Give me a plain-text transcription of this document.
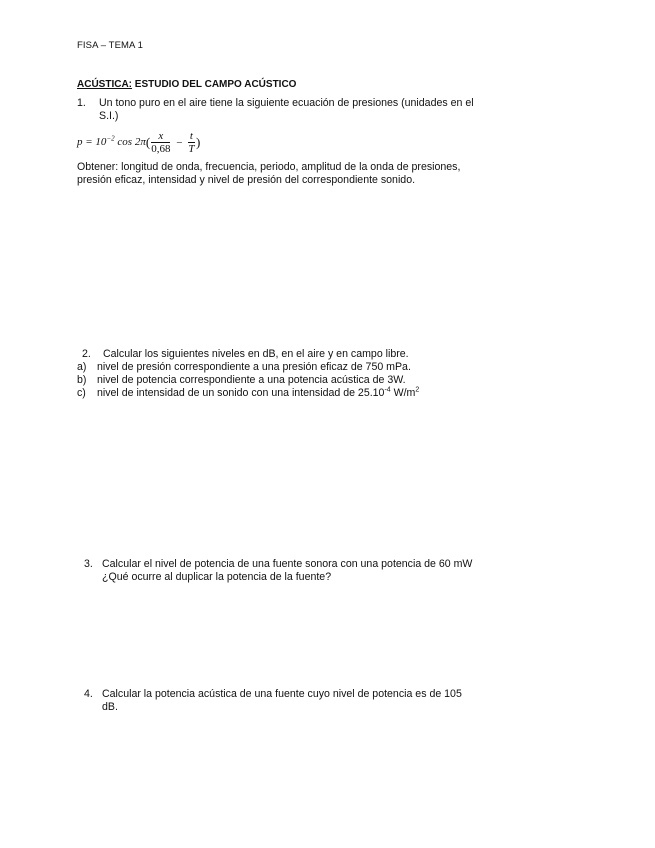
FISA – TEMA 1
ACÚSTICA: ESTUDIO DEL CAMPO ACÚSTICO
1. Un tono puro en el aire tiene la siguiente ecuación de presiones (unidades en el
S.I.)
$p = 10^{-2}$ $\cos 2\pi( \frac{x}{0,68} - \frac{t}{T}$ )
Obtener: longitud de onda, frecuencia, periodo, amplitud de la onda de presiones,
presión eficaz, intensidad y nivel de presión del correspondiente sonido.
2.	Calcular los siguientes niveles en dB, en el aire y en campo libre.
a) nivel de presión correspondiente a una presión eficaz de 750 mPa.
b) nivel de potencia correspondiente a una potencia acústica de 3W.
c)	nivel de intensidad de un sonido con una intensidad de $25.10^{-4}$ $W/m^2$
3. Calcular el nivel de potencia de una fuente sonora con una potencia de 60 mW
¿Qué ocurre al duplicar la potencia de la fuente?
4. Calcular la potencia acústica de una fuente cuyo nivel de potencia es de 105
dB.
